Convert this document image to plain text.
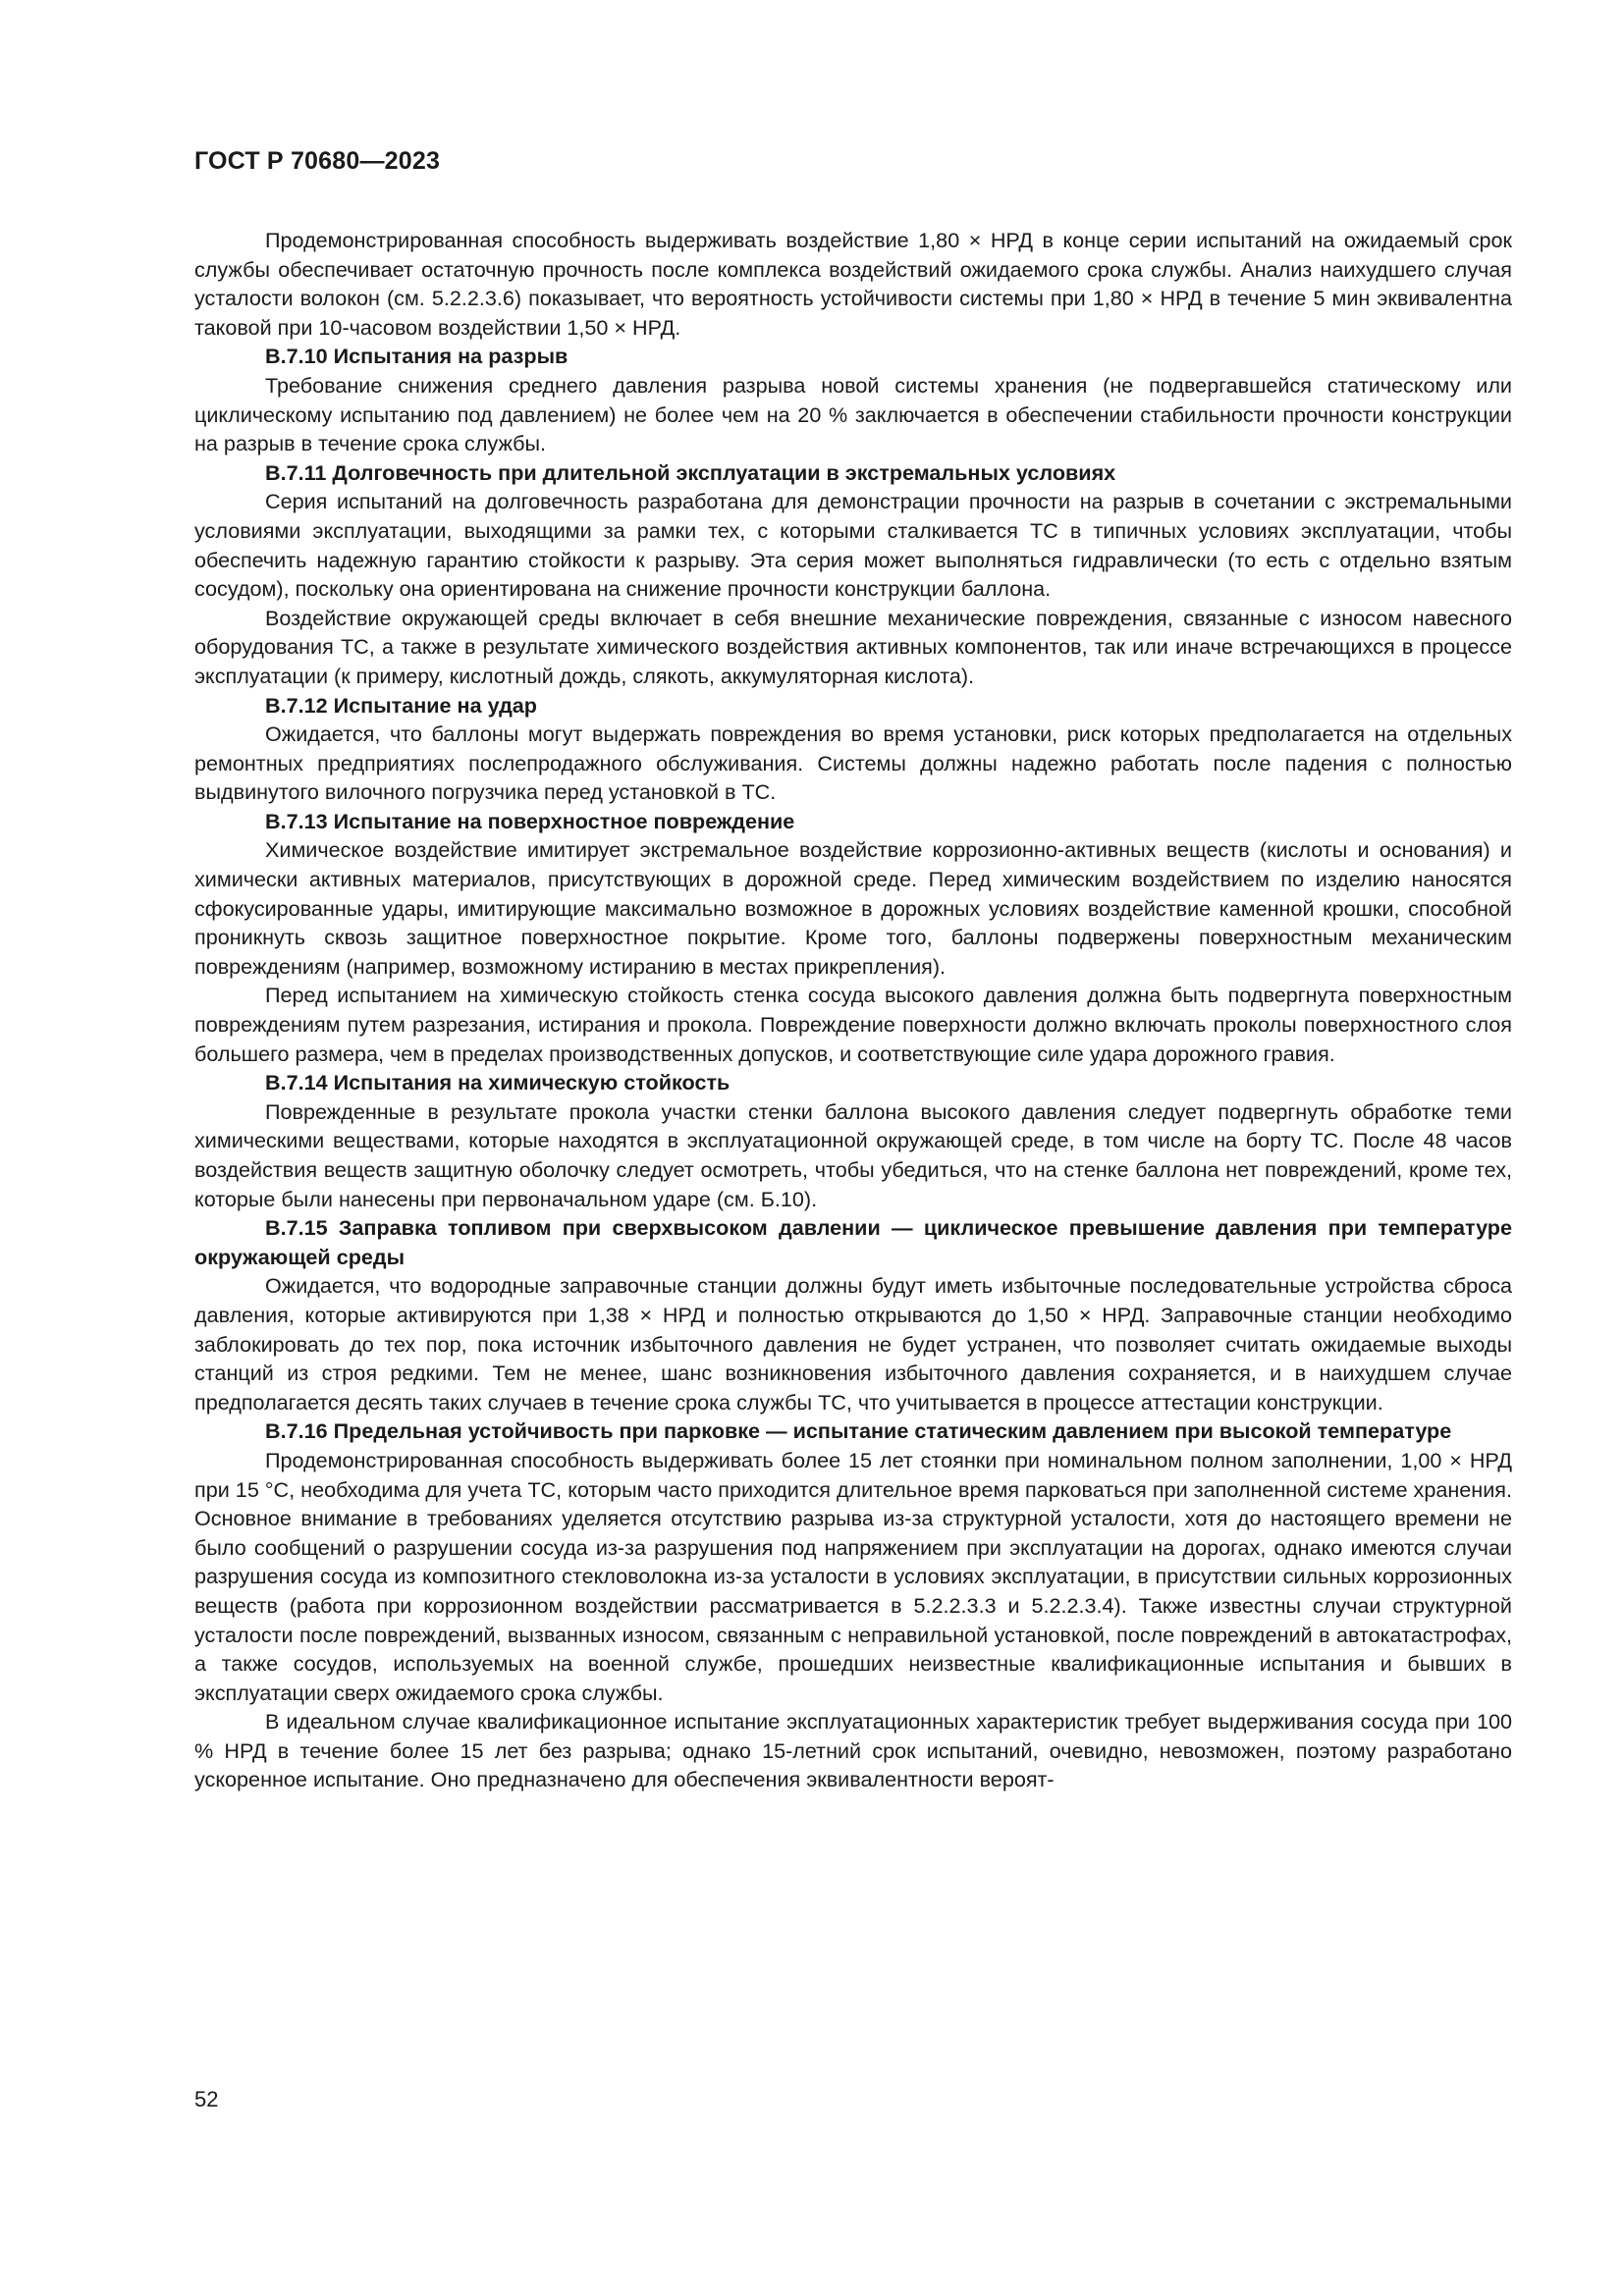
ГОСТ Р 70680—2023

Продемонстрированная способность выдерживать воздействие 1,80 × НРД в конце серии испытаний на ожидаемый срок службы обеспечивает остаточную прочность после комплекса воздействий ожидаемого срока службы. Анализ наихудшего случая усталости волокон (см. 5.2.2.3.6) показывает, что вероятность устойчивости системы при 1,80 × НРД в течение 5 мин эквивалентна таковой при 10-часовом воздействии 1,50 × НРД.

В.7.10 Испытания на разрыв

Требование снижения среднего давления разрыва новой системы хранения (не подвергавшейся статическому или циклическому испытанию под давлением) не более чем на 20 % заключается в обеспечении стабильности прочности конструкции на разрыв в течение срока службы.

В.7.11 Долговечность при длительной эксплуатации в экстремальных условиях

Серия испытаний на долговечность разработана для демонстрации прочности на разрыв в сочетании с экстремальными условиями эксплуатации, выходящими за рамки тех, с которыми сталкивается ТС в типичных условиях эксплуатации, чтобы обеспечить надежную гарантию стойкости к разрыву. Эта серия может выполняться гидравлически (то есть с отдельно взятым сосудом), поскольку она ориентирована на снижение прочности конструкции баллона.

Воздействие окружающей среды включает в себя внешние механические повреждения, связанные с износом навесного оборудования ТС, а также в результате химического воздействия активных компонентов, так или иначе встречающихся в процессе эксплуатации (к примеру, кислотный дождь, слякоть, аккумуляторная кислота).

В.7.12 Испытание на удар

Ожидается, что баллоны могут выдержать повреждения во время установки, риск которых предполагается на отдельных ремонтных предприятиях послепродажного обслуживания. Системы должны надежно работать после падения с полностью выдвинутого вилочного погрузчика перед установкой в ТС.

В.7.13 Испытание на поверхностное повреждение

Химическое воздействие имитирует экстремальное воздействие коррозионно-активных веществ (кислоты и основания) и химически активных материалов, присутствующих в дорожной среде. Перед химическим воздействием по изделию наносятся сфокусированные удары, имитирующие максимально возможное в дорожных условиях воздействие каменной крошки, способной проникнуть сквозь защитное поверхностное покрытие. Кроме того, баллоны подвержены поверхностным механическим повреждениям (например, возможному истиранию в местах прикрепления).

Перед испытанием на химическую стойкость стенка сосуда высокого давления должна быть подвергнута поверхностным повреждениям путем разрезания, истирания и прокола. Повреждение поверхности должно включать проколы поверхностного слоя большего размера, чем в пределах производственных допусков, и соответствующие силе удара дорожного гравия.

В.7.14 Испытания на химическую стойкость

Поврежденные в результате прокола участки стенки баллона высокого давления следует подвергнуть обработке теми химическими веществами, которые находятся в эксплуатационной окружающей среде, в том числе на борту ТС. После 48 часов воздействия веществ защитную оболочку следует осмотреть, чтобы убедиться, что на стенке баллона нет повреждений, кроме тех, которые были нанесены при первоначальном ударе (см. Б.10).

В.7.15 Заправка топливом при сверхвысоком давлении — циклическое превышение давления при температуре окружающей среды

Ожидается, что водородные заправочные станции должны будут иметь избыточные последовательные устройства сброса давления, которые активируются при 1,38 × НРД и полностью открываются до 1,50 × НРД. Заправочные станции необходимо заблокировать до тех пор, пока источник избыточного давления не будет устранен, что позволяет считать ожидаемые выходы станций из строя редкими. Тем не менее, шанс возникновения избыточного давления сохраняется, и в наихудшем случае предполагается десять таких случаев в течение срока службы ТС, что учитывается в процессе аттестации конструкции.

В.7.16 Предельная устойчивость при парковке — испытание статическим давлением при высокой температуре

Продемонстрированная способность выдерживать более 15 лет стоянки при номинальном полном заполнении, 1,00 × НРД при 15 °С, необходима для учета ТС, которым часто приходится длительное время парковаться при заполненной системе хранения. Основное внимание в требованиях уделяется отсутствию разрыва из-за структурной усталости, хотя до настоящего времени не было сообщений о разрушении сосуда из-за разрушения под напряжением при эксплуатации на дорогах, однако имеются случаи разрушения сосуда из композитного стекловолокна из-за усталости в условиях эксплуатации, в присутствии сильных коррозионных веществ (работа при коррозионном воздействии рассматривается в 5.2.2.3.3 и 5.2.2.3.4). Также известны случаи структурной усталости после повреждений, вызванных износом, связанным с неправильной установкой, после повреждений в автокатастрофах, а также сосудов, используемых на военной службе, прошедших неизвестные квалификационные испытания и бывших в эксплуатации сверх ожидаемого срока службы.

В идеальном случае квалификационное испытание эксплуатационных характеристик требует выдерживания сосуда при 100 % НРД в течение более 15 лет без разрыва; однако 15-летний срок испытаний, очевидно, невозможен, поэтому разработано ускоренное испытание. Оно предназначено для обеспечения эквивалентности вероят-

52
